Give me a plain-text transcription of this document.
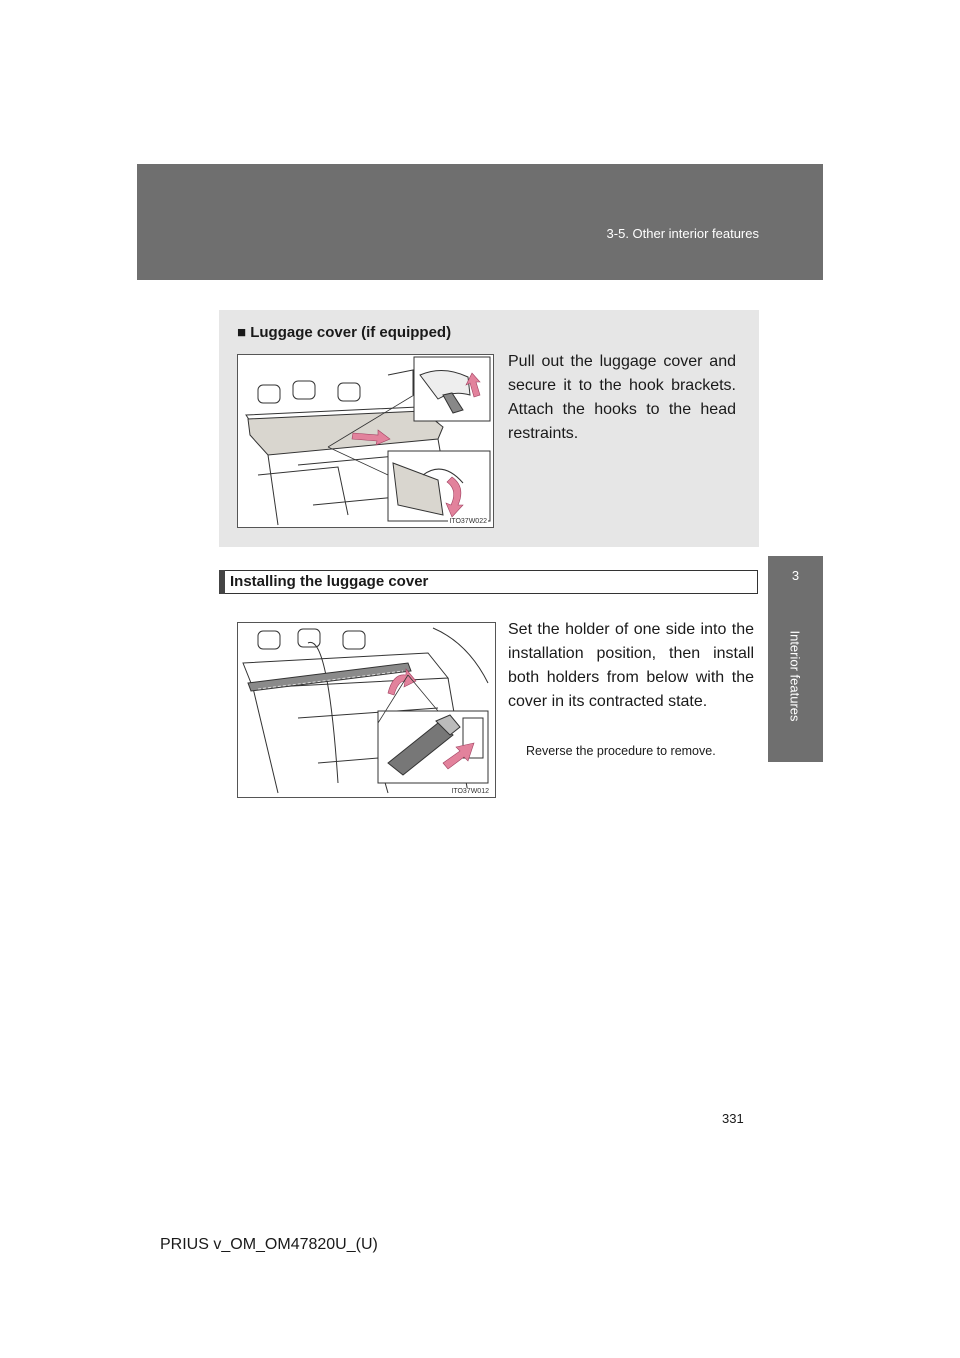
3-5. Other interior features
3
Interior features
■ Luggage cover (if equipped)
ITO37W022
Pull out the luggage cover and secure it to the hook brackets. Attach the hooks to the head restraints.
Installing the luggage cover
ITO37W012
Set the holder of one side into the installation position, then install both holders from below with the cover in its contracted state.
Reverse the procedure to remove.
331
PRIUS v_OM_OM47820U_(U)
